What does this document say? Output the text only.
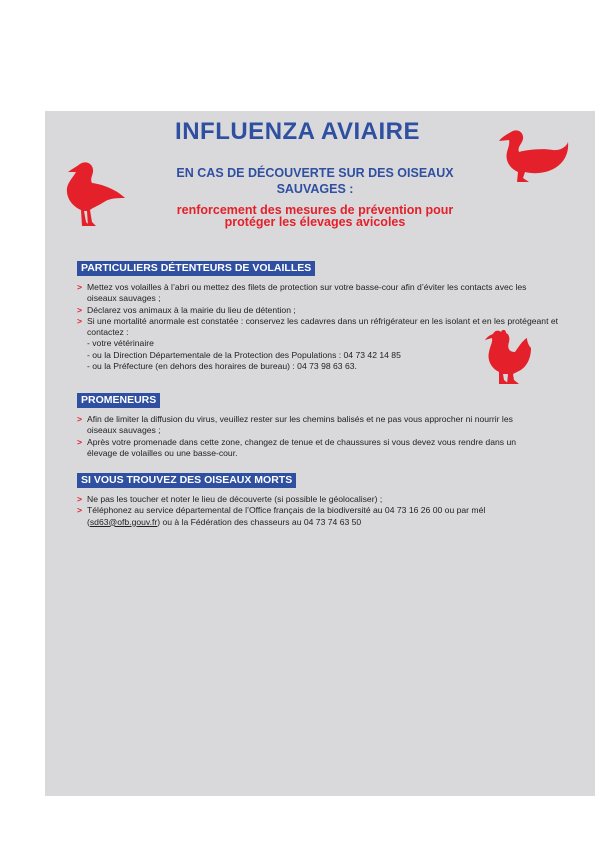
INFLUENZA AVIAIRE
EN CAS DE DÉCOUVERTE SUR DES OISEAUX SAUVAGES :
renforcement des mesures de prévention pour protéger les élevages avicoles
PARTICULIERS DÉTENTEURS DE VOLAILLES
> Mettez vos volailles à l’abri ou mettez des filets de protection sur votre basse-cour afin d’éviter les contacts avec les oiseaux sauvages ;
> Déclarez vos animaux à la mairie du lieu de détention ;
> Si une mortalité anormale est constatée : conservez les cadavres dans un réfrigérateur en les isolant et en les protégeant et contactez :
- votre vétérinaire
- ou la Direction Départementale de la Protection des Populations : 04 73 42 14 85
- ou la Préfecture (en dehors des horaires de bureau) : 04 73 98 63 63.
PROMENEURS
> Afin de limiter la diffusion du virus, veuillez rester sur les chemins balisés et ne pas vous approcher ni nourrir les oiseaux sauvages ;
> Après votre promenade dans cette zone, changez de tenue et de chaussures si vous devez vous rendre dans un élevage de volailles ou une basse-cour.
SI VOUS TROUVEZ DES OISEAUX MORTS
> Ne pas les toucher et noter le lieu de découverte (si possible le géolocaliser) ;
> Téléphonez au service départemental de l’Office français de la biodiversité au 04 73 16 26 00 ou par mél (sd63@ofb.gouv.fr) ou à la Fédération des chasseurs au 04 73 74 63 50
